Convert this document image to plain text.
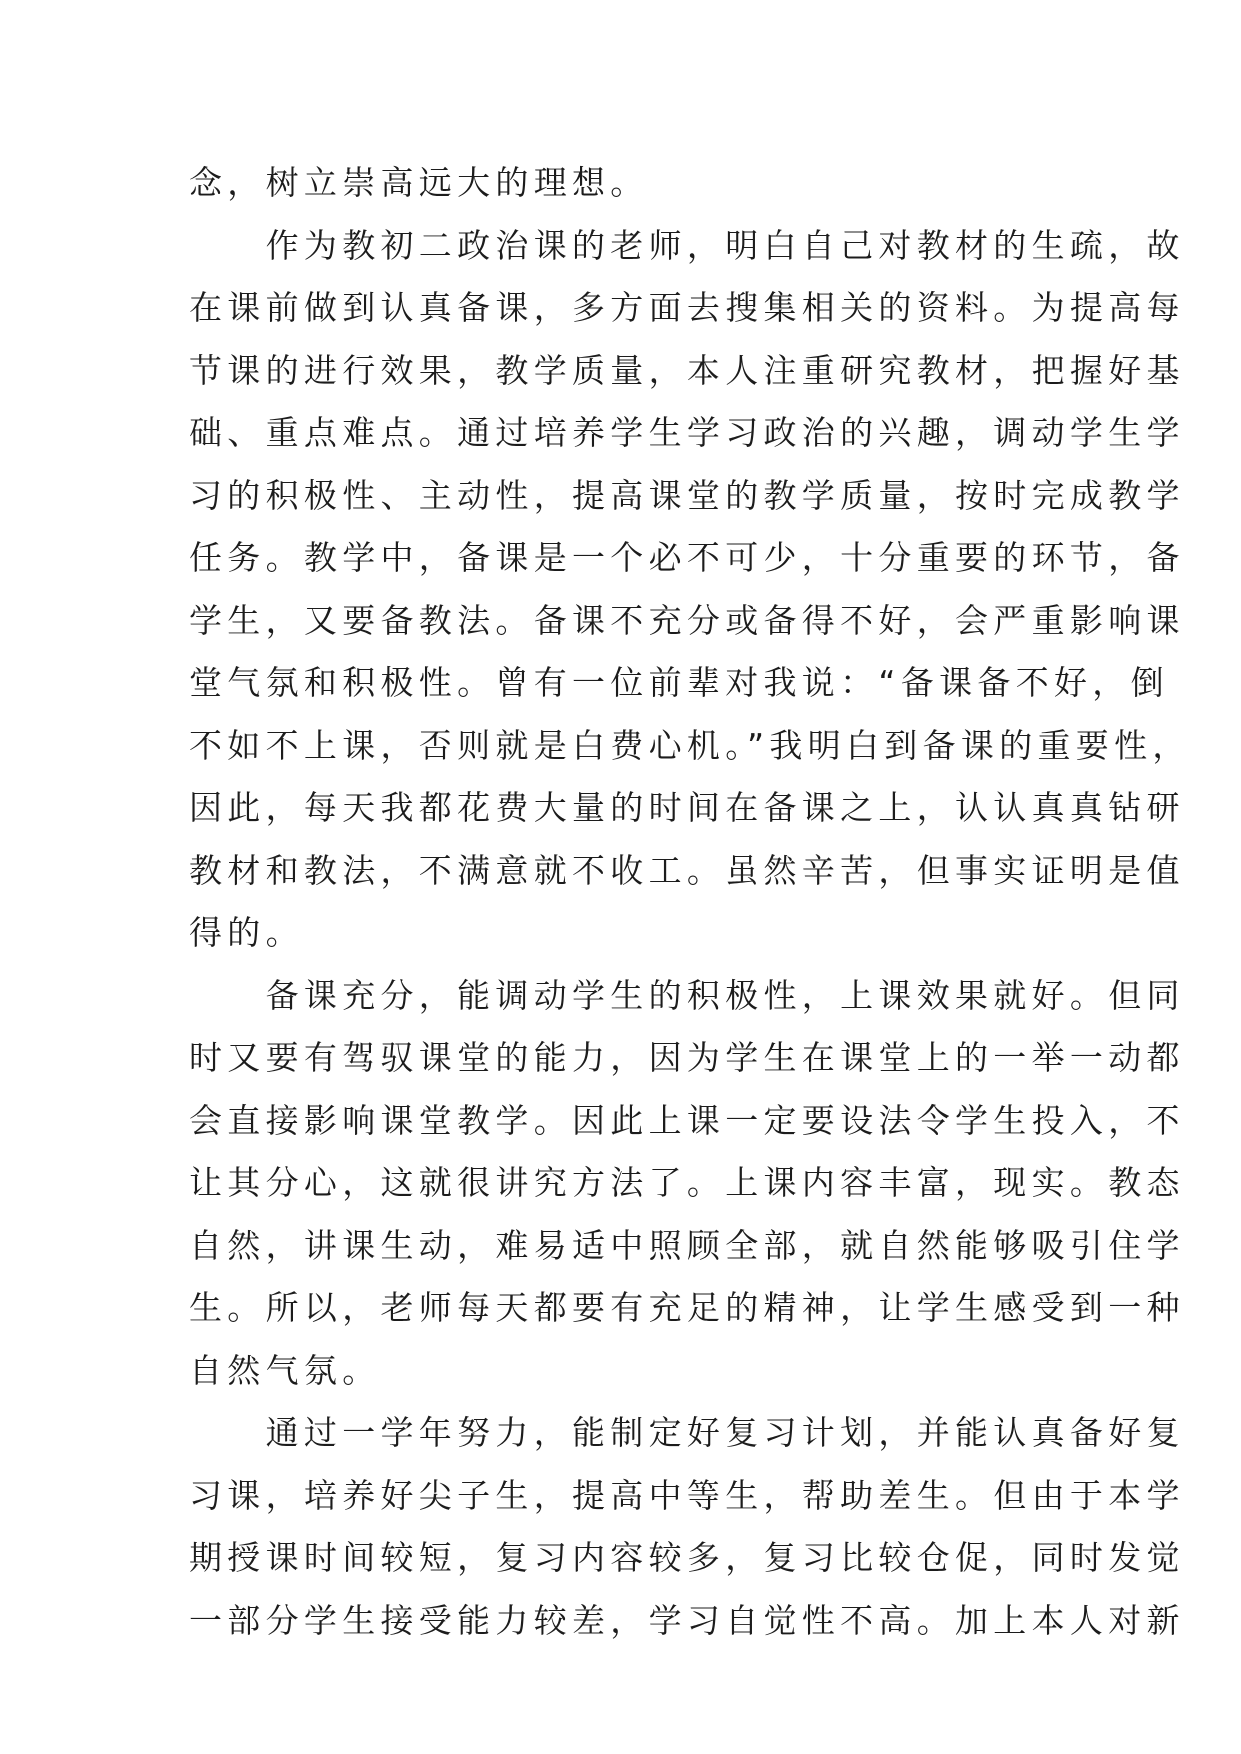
念，树立崇高远大的理想。
　　作为教初二政治课的老师，明白自己对教材的生疏，故
在课前做到认真备课，多方面去搜集相关的资料。为提高每
节课的进行效果，教学质量，本人注重研究教材，把握好基
础、重点难点。通过培养学生学习政治的兴趣，调动学生学
习的积极性、主动性，提高课堂的教学质量，按时完成教学
任务。教学中，备课是一个必不可少，十分重要的环节，备
学生，又要备教法。备课不充分或备得不好，会严重影响课
堂气氛和积极性。曾有一位前辈对我说：“备课备不好，倒
不如不上课，否则就是白费心机。”我明白到备课的重要性，
因此，每天我都花费大量的时间在备课之上，认认真真钻研
教材和教法，不满意就不收工。虽然辛苦，但事实证明是值
得的。
　　备课充分，能调动学生的积极性，上课效果就好。但同
时又要有驾驭课堂的能力，因为学生在课堂上的一举一动都
会直接影响课堂教学。因此上课一定要设法令学生投入，不
让其分心，这就很讲究方法了。上课内容丰富，现实。教态
自然，讲课生动，难易适中照顾全部，就自然能够吸引住学
生。所以，老师每天都要有充足的精神，让学生感受到一种
自然气氛。
　　通过一学年努力，能制定好复习计划，并能认真备好复
习课，培养好尖子生，提高中等生，帮助差生。但由于本学
期授课时间较短，复习内容较多，复习比较仓促，同时发觉
一部分学生接受能力较差，学习自觉性不高。加上本人对新
